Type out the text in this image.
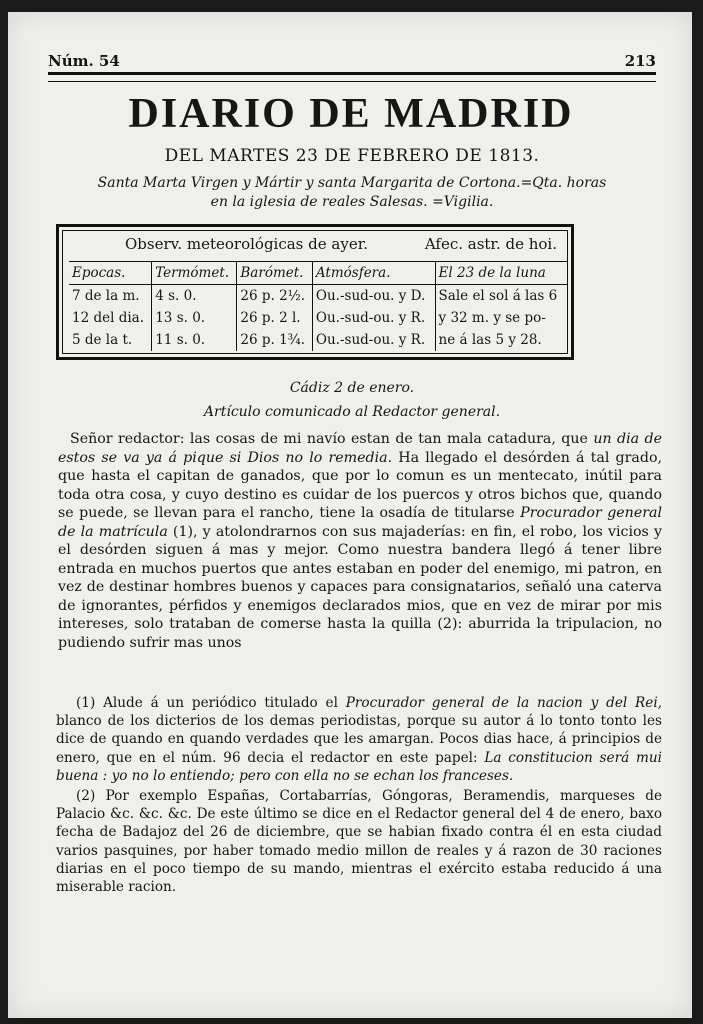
Núm. 54	213
DIARIO DE MADRID
DEL MARTES 23 DE FEBRERO DE 1813.
Santa Marta Virgen y Mártir y santa Margarita de Cortona.=Qta. horas
en la iglesia de reales Salesas. =Vigilia.
Observ. meteorológicas de ayer.	Afec. astr. de hoi.
Epocas.	Termómet.	Barómet.	Atmósfera.	El 23 de la luna
7 de la m.	4 s. 0.	26 p. 2½.	Ou.-sud-ou. y D.	Sale el sol á las 6
12 del dia.	13 s. 0.	26 p. 2 l.	Ou.-sud-ou. y R.	y 32 m. y se po-
5 de la t.	11 s. 0.	26 p. 1¾.	Ou.-sud-ou. y R.	ne á las 5 y 28.
Cádiz 2 de enero.
Artículo comunicado al Redactor general.
Señor redactor: las cosas de mi navío estan de tan mala catadura, que un dia de estos se va ya á pique si Dios no lo remedia. Ha llegado el desórden á tal grado, que hasta el capitan de ganados, que por lo comun es un mentecato, inútil para toda otra cosa, y cuyo destino es cuidar de los puercos y otros bichos que, quando se puede, se llevan para el rancho, tiene la osadía de titularse Procurador general de la matrícula (1), y atolondrarnos con sus majaderías: en fin, el robo, los vicios y el desórden siguen á mas y mejor. Como nuestra bandera llegó á tener libre entrada en muchos puertos que antes estaban en poder del enemigo, mi patron, en vez de destinar hombres buenos y capaces para consignatarios, señaló una caterva de ignorantes, pérfidos y enemigos declarados mios, que en vez de mirar por mis intereses, solo trataban de comerse hasta la quilla (2): aburrida la tripulacion, no pudiendo sufrir mas unos

(1) Alude á un periódico titulado el Procurador general de la nacion y del Rei, blanco de los dicterios de los demas periodistas, porque su autor á lo tonto tonto les dice de quando en quando verdades que les amargan. Pocos dias hace, á principios de enero, que en el núm. 96 decia el redactor en este papel: La constitucion será mui buena : yo no lo entiendo; pero con ella no se echan los franceses.

(2) Por exemplo Españas, Cortabarrías, Góngoras, Beramendis, marqueses de Palacio &c. &c. &c. De este último se dice en el Redactor general del 4 de enero, baxo fecha de Badajoz del 26 de diciembre, que se habian fixado contra él en esta ciudad varios pasquines, por haber tomado medio millon de reales y á razon de 30 raciones diarias en el poco tiempo de su mando, mientras el exército estaba reducido á una miserable racion.
